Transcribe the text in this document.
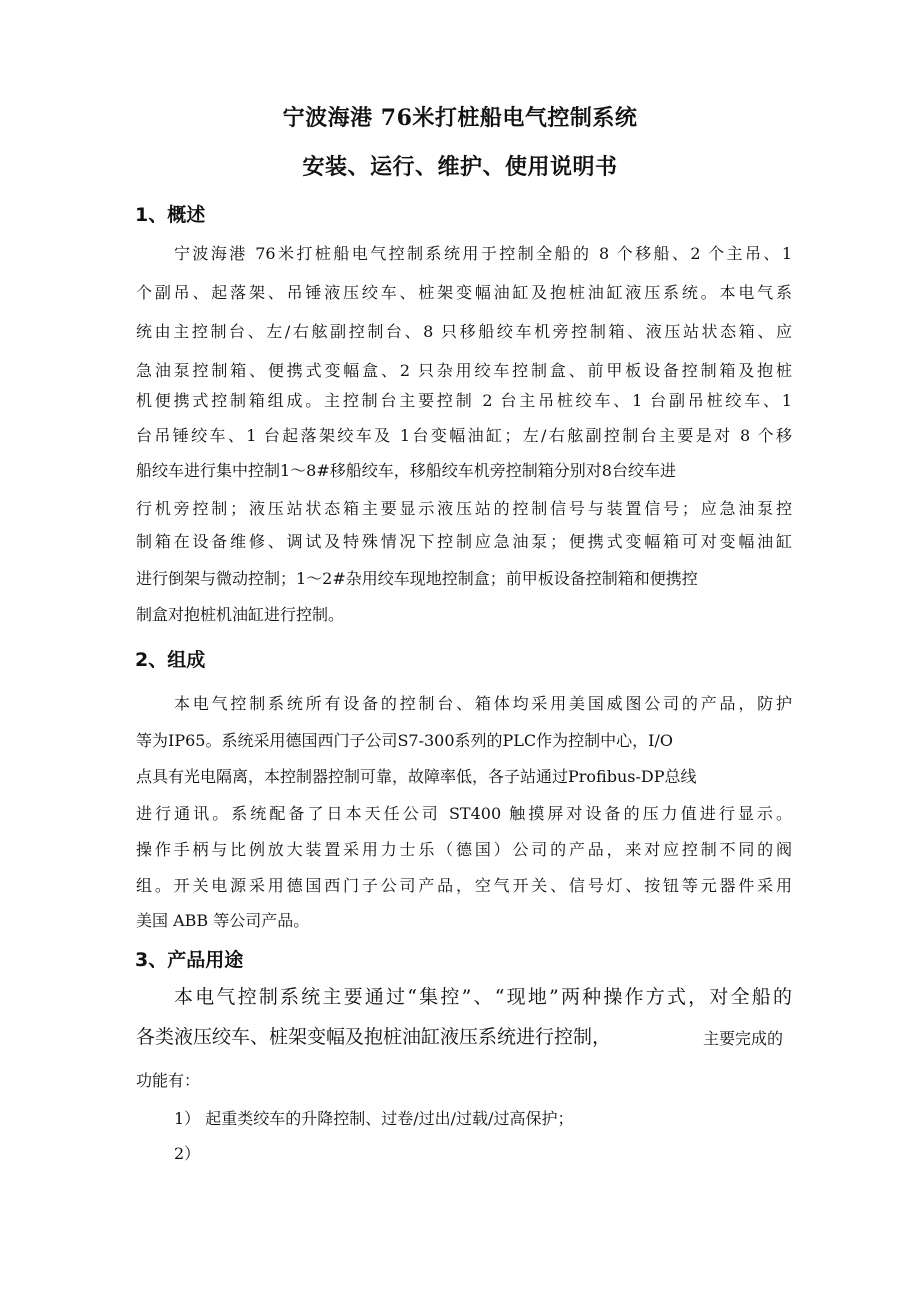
宁波海港 76米打桩船电气控制系统
安装、运行、维护、使用说明书
1、概述
宁波海港 76米打桩船电气控制系统用于控制全船的 8 个移船、2 个主吊、1
个副吊、起落架、吊锤液压绞车、桩架变幅油缸及抱桩油缸液压系统。本电气系
统由主控制台、左/右舷副控制台、8 只移船绞车机旁控制箱、液压站状态箱、应
急油泵控制箱、便携式变幅盒、2 只杂用绞车控制盒、前甲板设备控制箱及抱桩
机便携式控制箱组成。主控制台主要控制 2 台主吊桩绞车、1 台副吊桩绞车、1
台吊锤绞车、1 台起落架绞车及 1台变幅油缸；左/右舷副控制台主要是对 8 个移
船绞车进行集中控制1～8#移船绞车，移船绞车机旁控制箱分别对8台绞车进
行机旁控制；液压站状态箱主要显示液压站的控制信号与装置信号；应急油泵控
制箱在设备维修、调试及特殊情况下控制应急油泵；便携式变幅箱可对变幅油缸
进行倒架与微动控制；1～2#杂用绞车现地控制盒；前甲板设备控制箱和便携控
制盒对抱桩机油缸进行控制。
2、组成
本电气控制系统所有设备的控制台、箱体均采用美国威图公司的产品，防护
等为IP65。系统采用德国西门子公司S7-300系列的PLC作为控制中心，I/O
点具有光电隔离，本控制器控制可靠，故障率低，各子站通过Profibus-DP总线
进行通讯。系统配备了日本天任公司 ST400 触摸屏对设备的压力值进行显示。
操作手柄与比例放大装置采用力士乐（德国）公司的产品，来对应控制不同的阀
组。开关电源采用德国西门子公司产品，空气开关、信号灯、按钮等元器件采用
美国 ABB 等公司产品。
3、产品用途
本电气控制系统主要通过“集控”、“现地”两种操作方式，对全船的
各类液压绞车、桩架变幅及抱桩油缸液压系统进行控制，	主要完成的
功能有：
1） 起重类绞车的升降控制、过卷/过出/过载/过高保护；
2）
